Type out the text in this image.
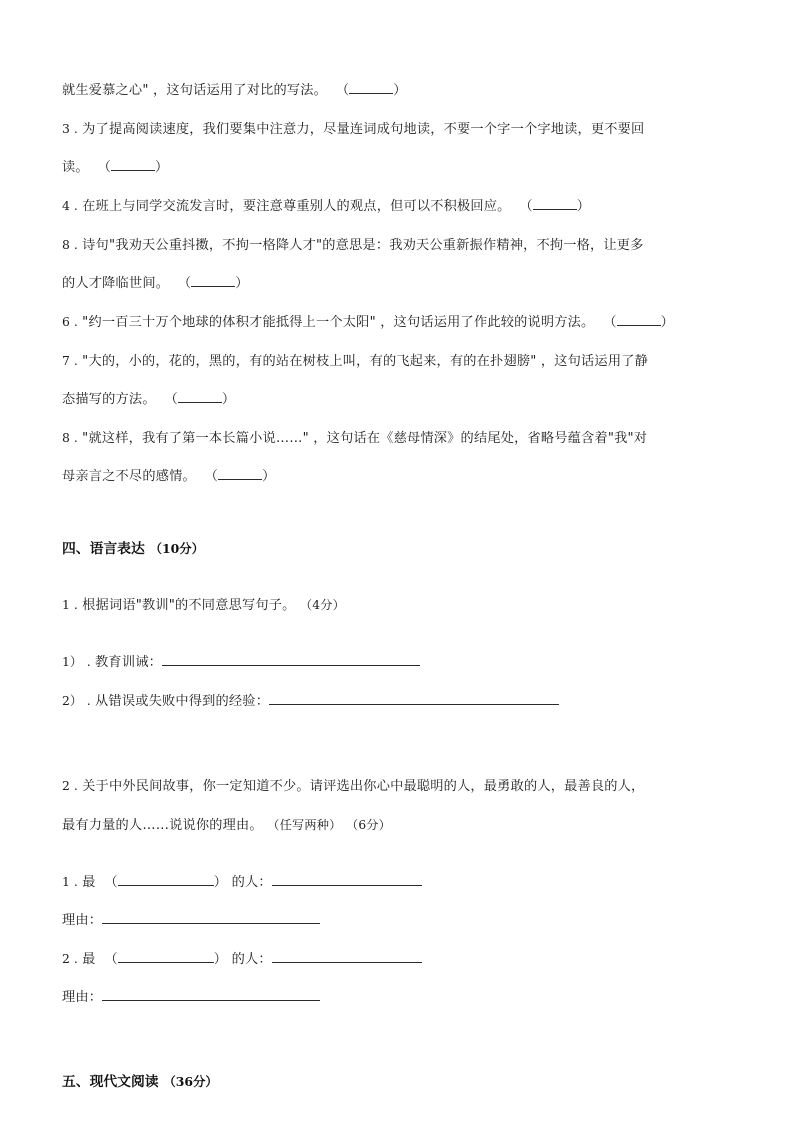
就生爱慕之心" ，这句话运用了对比的写法。  （	）
3 . 为了提高阅读速度，我们要集中注意力，尽量连词成句地读，不要一个字一个字地读，更不要回
读。  （	）
4 . 在班上与同学交流发言时，要注意尊重别人的观点，但可以不积极回应。  （	）
8 . 诗句"我劝天公重抖擞，不拘一格降人才"的意思是：我劝天公重新振作精神，不拘一格，让更多
的人才降临世间。  （	）
6 . "约一百三十万个地球的体积才能抵得上一个太阳" ，这句话运用了作此较的说明方法。  （	）
7 . "大的，小的，花的，黑的，有的站在树枝上叫，有的飞起来，有的在扑翅膀" ，这句话运用了静
态描写的方法。  （	）
8 . "就这样，我有了第一本长篇小说……" ，这句话在《慈母情深》的结尾处，省略号蕴含着"我"对
母亲言之不尽的感情。  （	）
四、语言表达 （10分）
1 . 根据词语"教训"的不同意思写句子。 （4分）
1） . 教育训诫：
2） . 从错误或失败中得到的经验：
2 . 关于中外民间故事，你一定知道不少。请评选出你心中最聪明的人，最勇敢的人，最善良的人，
最有力量的人……说说你的理由。 （任写两种） （6分）
1 . 最 （	） 的人：
理由：
2 . 最 （	） 的人：
理由：
五、现代文阅读 （36分）
